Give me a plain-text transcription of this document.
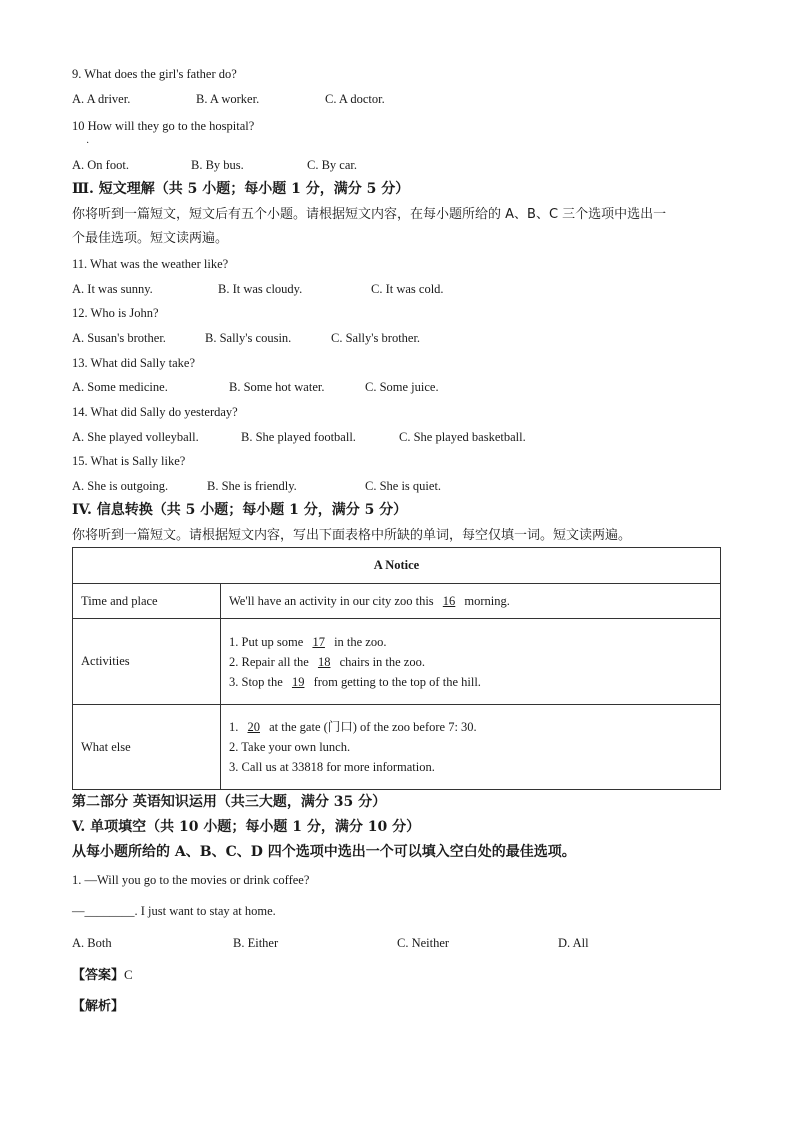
9. What does the girl's father do?
A. A driver.	B. A worker.	C. A doctor.
10 How will they go to the hospital?
·
A. On foot.	B. By bus.	C. By car.
Ⅲ. 短文理解（共 5 小题；每小题 1 分，满分 5 分）
你将听到一篇短文，短文后有五个小题。请根据短文内容，在每小题所给的 A、B、C 三个选项中选出一
个最佳选项。短文读两遍。
11. What was the weather like?
A. It was sunny.	B. It was cloudy.	C. It was cold.
12. Who is John?
A. Susan's brother.	B. Sally's cousin.	C. Sally's brother.
13. What did Sally take?
A. Some medicine.	B. Some hot water.	C. Some juice.
14. What did Sally do yesterday?
A. She played volleyball.	B. She played football.	C. She played basketball.
15. What is Sally like?
A. She is outgoing.	B. She is friendly.	C. She is quiet.
IV. 信息转换（共 5 小题；每小题 1 分，满分 5 分）
你将听到一篇短文。请根据短文内容，写出下面表格中所缺的单词，每空仅填一词。短文读两遍。
A Notice	
Time and place	We'll have an activity in our city zoo this 16 morning.
Activities	1. Put up some 17 in the zoo.
2. Repair all the 18 chairs in the zoo.
3. Stop the 19 from getting to the top of the hill.

What else	1. 20 at the gate (门口) of the zoo before 7: 30.
2. Take your own lunch.
3. Call us at 33818 for more information.
第二部分 英语知识运用（共三大题，满分 35 分）
V. 单项填空（共 10 小题；每小题 1 分，满分 10 分）
从每小题所给的 A、B、C、D 四个选项中选出一个可以填入空白处的最佳选项。
1. —Will you go to the movies or drink coffee?
—________. I just want to stay at home.
A. Both	B. Either	C. Neither	D. All
【答案】C
【解析】
